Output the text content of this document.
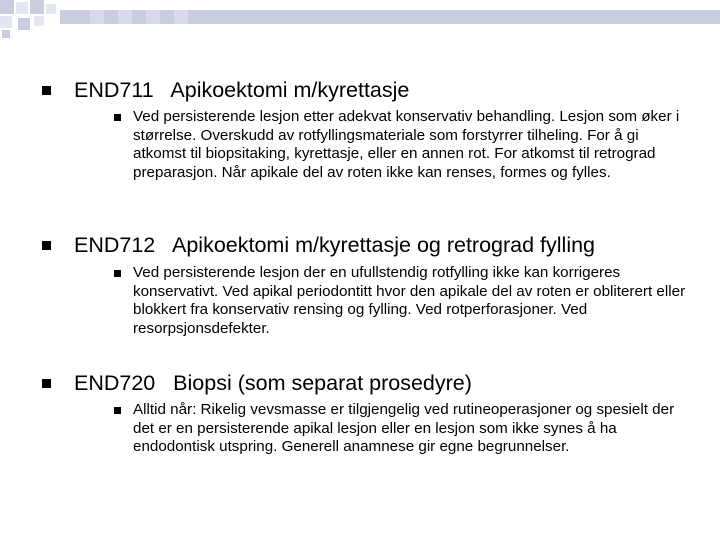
END711   Apikoektomi m/kyrettasje
Ved persisterende lesjon etter adekvat konservativ behandling. Lesjon som øker i størrelse. Overskudd av rotfyllingsmateriale som forstyrrer tilheling. For å gi atkomst til biopsitaking, kyrettasje, eller en annen rot. For atkomst til retrograd preparasjon. Når apikale del av roten ikke kan renses, formes og fylles.
END712   Apikoektomi m/kyrettasje og retrograd fylling
Ved persisterende lesjon der en ufullstendig rotfylling ikke kan korrigeres konservativt. Ved apikal periodontitt hvor den apikale del av roten er obliterert eller blokkert fra konservativ rensing og fylling. Ved rotperforasjoner. Ved resorpsjonsdefekter.
END720   Biopsi (som separat prosedyre)
Alltid når: Rikelig vevsmasse er tilgjengelig ved rutineoperasjoner og spesielt der det er en persisterende apikal lesjon eller en lesjon som ikke synes å ha endodontisk utspring. Generell anamnese gir egne begrunnelser.
